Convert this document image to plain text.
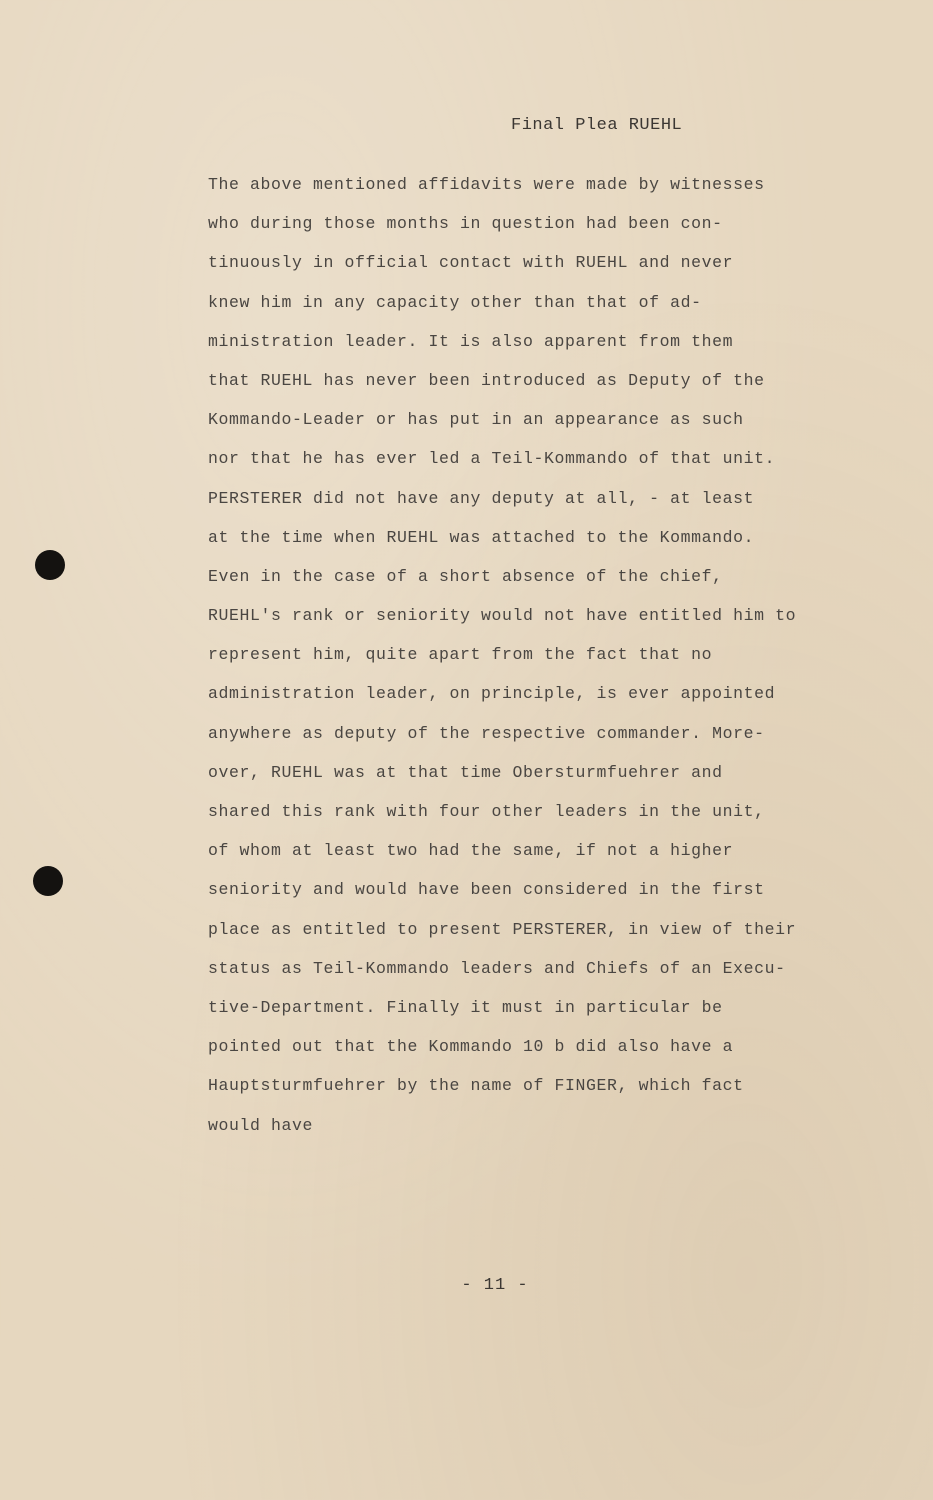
Final Plea RUEHL
The above mentioned affidavits were made by witnesses
who during those months in question had been con-
tinuously in official contact with RUEHL and never
knew him in any capacity other than that of ad-
ministration leader. It is also apparent from them
that RUEHL has never been introduced as Deputy of the
Kommando-Leader or has put in an appearance as such
nor that he has ever led a Teil-Kommando of that unit.
PERSTERER did not have any deputy at all, - at least
at the time when RUEHL was attached to the Kommando.
Even in the case of a short absence of the chief,
RUEHL's rank or seniority would not have entitled him to
represent him, quite apart from the fact that no
administration leader, on principle, is ever appointed
anywhere as deputy of the respective commander. More-
over, RUEHL was at that time Obersturmfuehrer and
shared this rank with four other leaders in the unit,
of whom at least two had the same, if not a higher
seniority and would have been considered in the first
place as entitled to present PERSTERER, in view of their
status as Teil-Kommando leaders and Chiefs of an Execu-
tive-Department. Finally it must in particular be
pointed out that the Kommando 10 b did also have a
Hauptsturmfuehrer by the name of FINGER, which fact
would have
- 11 -
